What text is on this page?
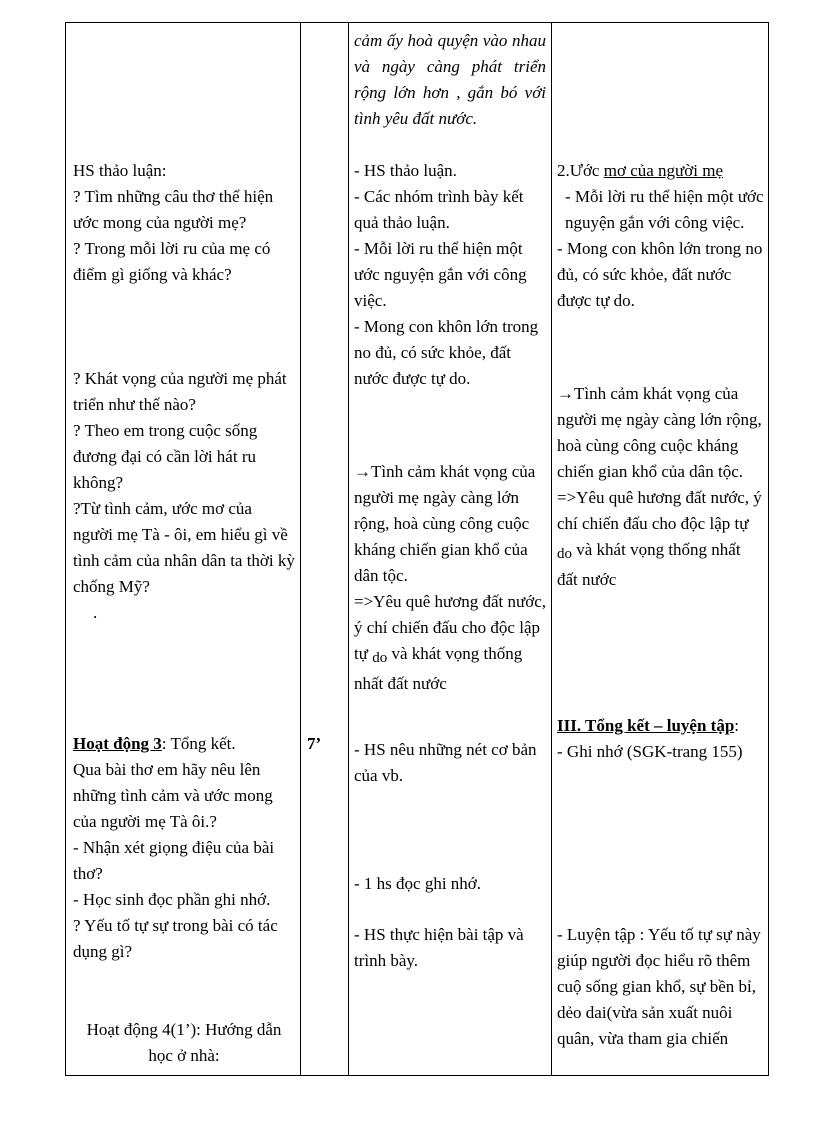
HS thảo luận:

? Tìm những câu thơ thể hiện ước mong của người mẹ?

? Trong mỗi lời ru của mẹ có điểm gì giống và khác?

? Khát vọng của người mẹ phát triển như thế nào?

? Theo em trong cuộc sống đương đại có cần lời hát ru không?

?Từ tình cảm, ước mơ của người mẹ Tà - ôi, em hiểu gì về tình cảm của nhân dân ta thời kỳ chống Mỹ?

.

Hoạt động 3: Tổng kết.

Qua bài thơ em hãy nêu lên những tình cảm và ước mong của người mẹ Tà ôi.?

- Nhận xét giọng điệu của bài thơ?

- Học sinh đọc phần ghi nhớ.

? Yếu tố tự sự trong bài có tác dụng gì?

Hoạt động 4(1’): Hướng dẫn học ở nhà:

7’

cảm ấy hoà quyện vào nhau và ngày càng phát triển rộng lớn hơn , gắn bó với tình yêu đất nước.

- HS thảo luận.

- Các nhóm trình bày kết quả thảo luận.

- Mỗi lời ru thể hiện một ước nguyện gắn với công việc.

- Mong con khôn lớn trong no đủ, có sức khỏe, đất nước được tự do.

→Tình cảm khát vọng của người mẹ ngày càng lớn rộng, hoà cùng công cuộc kháng chiến gian khổ của dân tộc.

=>Yêu quê hương đất nước, ý chí chiến đấu cho độc lập tự do và khát vọng thống nhất đất nước

- HS nêu những nét cơ bản của vb.

- 1 hs đọc ghi nhớ.

- HS thực hiện bài tập và trình bày.

2.Ước mơ của người mẹ

- Mỗi lời ru thể hiện một ước nguyện gắn với công việc.

- Mong con khôn lớn trong no đủ, có sức khỏe, đất nước được tự do.

→Tình cảm khát vọng của người mẹ ngày càng lớn rộng, hoà cùng công cuộc kháng chiến gian khổ của dân tộc.

=>Yêu quê hương đất nước, ý chí chiến đấu cho độc lập tự do và khát vọng thống nhất đất nước

III. Tổng kết – luyện tập:

- Ghi nhớ (SGK-trang 155)

- Luyện tập : Yếu tố tự sự này giúp người đọc hiểu rõ thêm cuộ sống gian khổ, sự bền bỉ, dẻo dai(vừa sản xuất nuôi quân, vừa tham gia chiến
